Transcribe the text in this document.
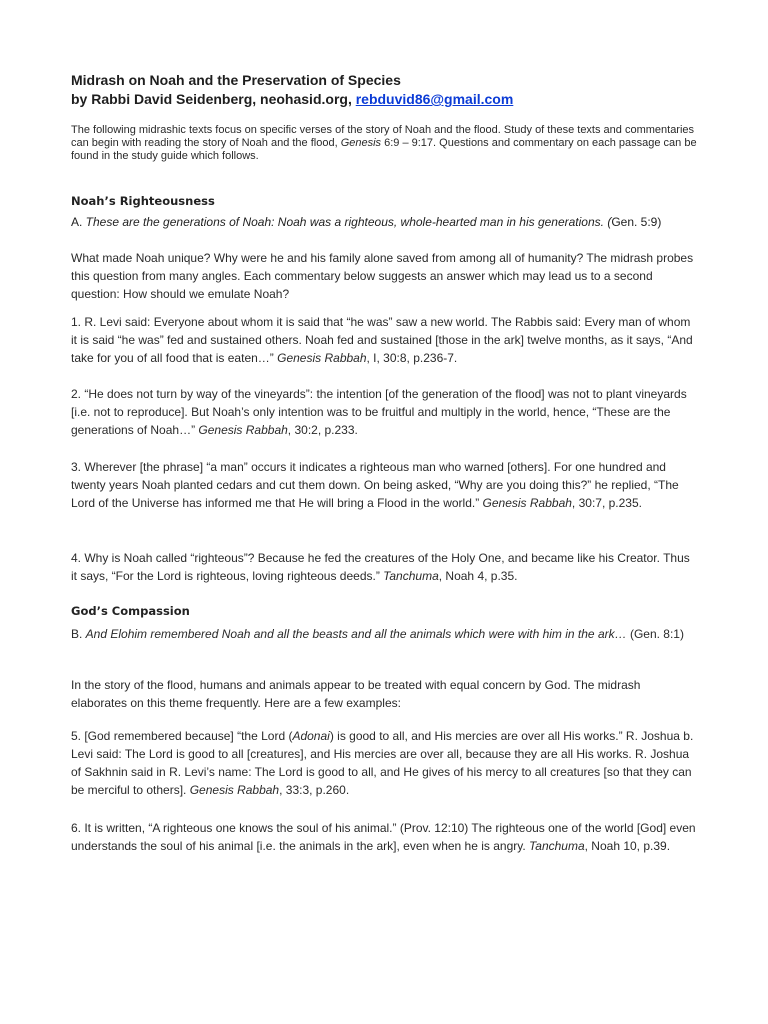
Midrash on Noah and the Preservation of Species
by Rabbi David Seidenberg, neohasid.org, rebduvid86@gmail.com

The following midrashic texts focus on specific verses of the story of Noah and the flood. Study of these texts and commentaries can begin with reading the story of Noah and the flood, Genesis 6:9 – 9:17. Questions and commentary on each passage can be found in the study guide which follows.

Noah’s Righteousness

A. These are the generations of Noah: Noah was a righteous, whole-hearted man in his generations. (Gen. 5:9)

What made Noah unique? Why were he and his family alone saved from among all of humanity? The midrash probes this question from many angles. Each commentary below suggests an answer which may lead us to a second question: How should we emulate Noah?

1. R. Levi said: Everyone about whom it is said that “he was” saw a new world. The Rabbis said: Every man of whom it is said “he was” fed and sustained others. Noah fed and sustained [those in the ark] twelve months, as it says, “And take for you of all food that is eaten…” Genesis Rabbah, I, 30:8, p.236-7.

2. “He does not turn by way of the vineyards”: the intention [of the generation of the flood] was not to plant vineyards [i.e. not to reproduce]. But Noah’s only intention was to be fruitful and multiply in the world, hence, “These are the generations of Noah…” Genesis Rabbah, 30:2, p.233.

3. Wherever [the phrase] “a man” occurs it indicates a righteous man who warned [others]. For one hundred and twenty years Noah planted cedars and cut them down. On being asked, “Why are you doing this?” he replied, “The Lord of the Universe has informed me that He will bring a Flood in the world.” Genesis Rabbah, 30:7, p.235.

4. Why is Noah called “righteous”? Because he fed the creatures of the Holy One, and became like his Creator. Thus it says, “For the Lord is righteous, loving righteous deeds.” Tanchuma, Noah 4, p.35.

God’s Compassion

B. And Elohim remembered Noah and all the beasts and all the animals which were with him in the ark… (Gen. 8:1)

In the story of the flood, humans and animals appear to be treated with equal concern by God. The midrash elaborates on this theme frequently. Here are a few examples:

5. [God remembered because] “the Lord (Adonai) is good to all, and His mercies are over all His works.” R. Joshua b. Levi said: The Lord is good to all [creatures], and His mercies are over all, because they are all His works. R. Joshua of Sakhnin said in R. Levi’s name: The Lord is good to all, and He gives of his mercy to all creatures [so that they can be merciful to others]. Genesis Rabbah, 33:3, p.260.

6. It is written, “A righteous one knows the soul of his animal.” (Prov. 12:10) The righteous one of the world [God] even understands the soul of his animal [i.e. the animals in the ark], even when he is angry. Tanchuma, Noah 10, p.39.
